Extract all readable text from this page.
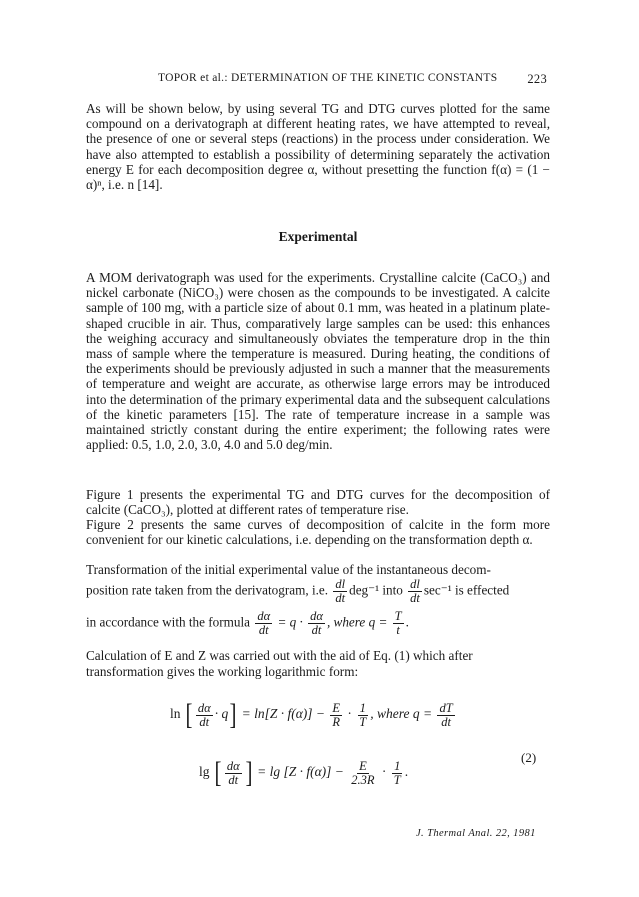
TOPOR et al.: DETERMINATION OF THE KINETIC CONSTANTS 223

As will be shown below, by using several TG and DTG curves plotted for the same compound on a derivatograph at different heating rates, we have attempted to reveal, the presence of one or several steps (reactions) in the process under consideration. We have also attempted to establish a possibility of determining separately the activation energy E for each decomposition degree α, without presetting the function f(α) = (1 − α)ⁿ, i.e. n [14].

Experimental

A MOM derivatograph was used for the experiments. Crystalline calcite (CaCO₃) and nickel carbonate (NiCO₃) were chosen as the compounds to be investigated. A calcite sample of 100 mg, with a particle size of about 0.1 mm, was heated in a platinum plate-shaped crucible in air. Thus, comparatively large samples can be used: this enhances the weighing accuracy and simultaneously obviates the temperature drop in the thin mass of sample where the temperature is measured. During heating, the conditions of the experiments should be previously adjusted in such a manner that the measurements of temperature and weight are accurate, as otherwise large errors may be introduced into the determination of the primary experimental data and the subsequent calculations of the kinetic parameters [15]. The rate of temperature increase in a sample was maintained strictly constant during the entire experiment; the following rates were applied: 0.5, 1.0, 2.0, 3.0, 4.0 and 5.0 deg/min.

Figure 1 presents the experimental TG and DTG curves for the decomposition of calcite (CaCO₃), plotted at different rates of temperature rise.

Figure 2 presents the same curves of decomposition of calcite in the form more convenient for our kinetic calculations, i.e. depending on the transformation depth α.

Transformation of the initial experimental value of the instantaneous decom-
position rate taken from the derivatogram, i.e. $\frac{dl}{dt} deg^{-1}$ into $\frac{dl}{dt} \sec^{-1}$ is effected
in accordance with the formula $\frac{d\alpha}{dt} = q \cdot \frac{d\alpha}{dt}$ , where $q = \frac{T}{t}$ .
Calculation of E and Z was carried out with the aid of Eq. (1) which after
transformation gives the working logarithmic form:
ln [ $\frac{d\alpha}{dt} \cdot q] = \ln[Z \cdot f(\alpha)] - \frac{E}{R} \cdot \frac{1}{T}$ , where $q = \frac{dT}{dt}$
lg [ $\frac{d\alpha}{dt}$ ] = $\lg [Z \cdot f(\alpha)] - \frac{E}{2.3R} \cdot \frac{1}{T}$ .
(2)
J. Thermal Anal. 22, 1981
